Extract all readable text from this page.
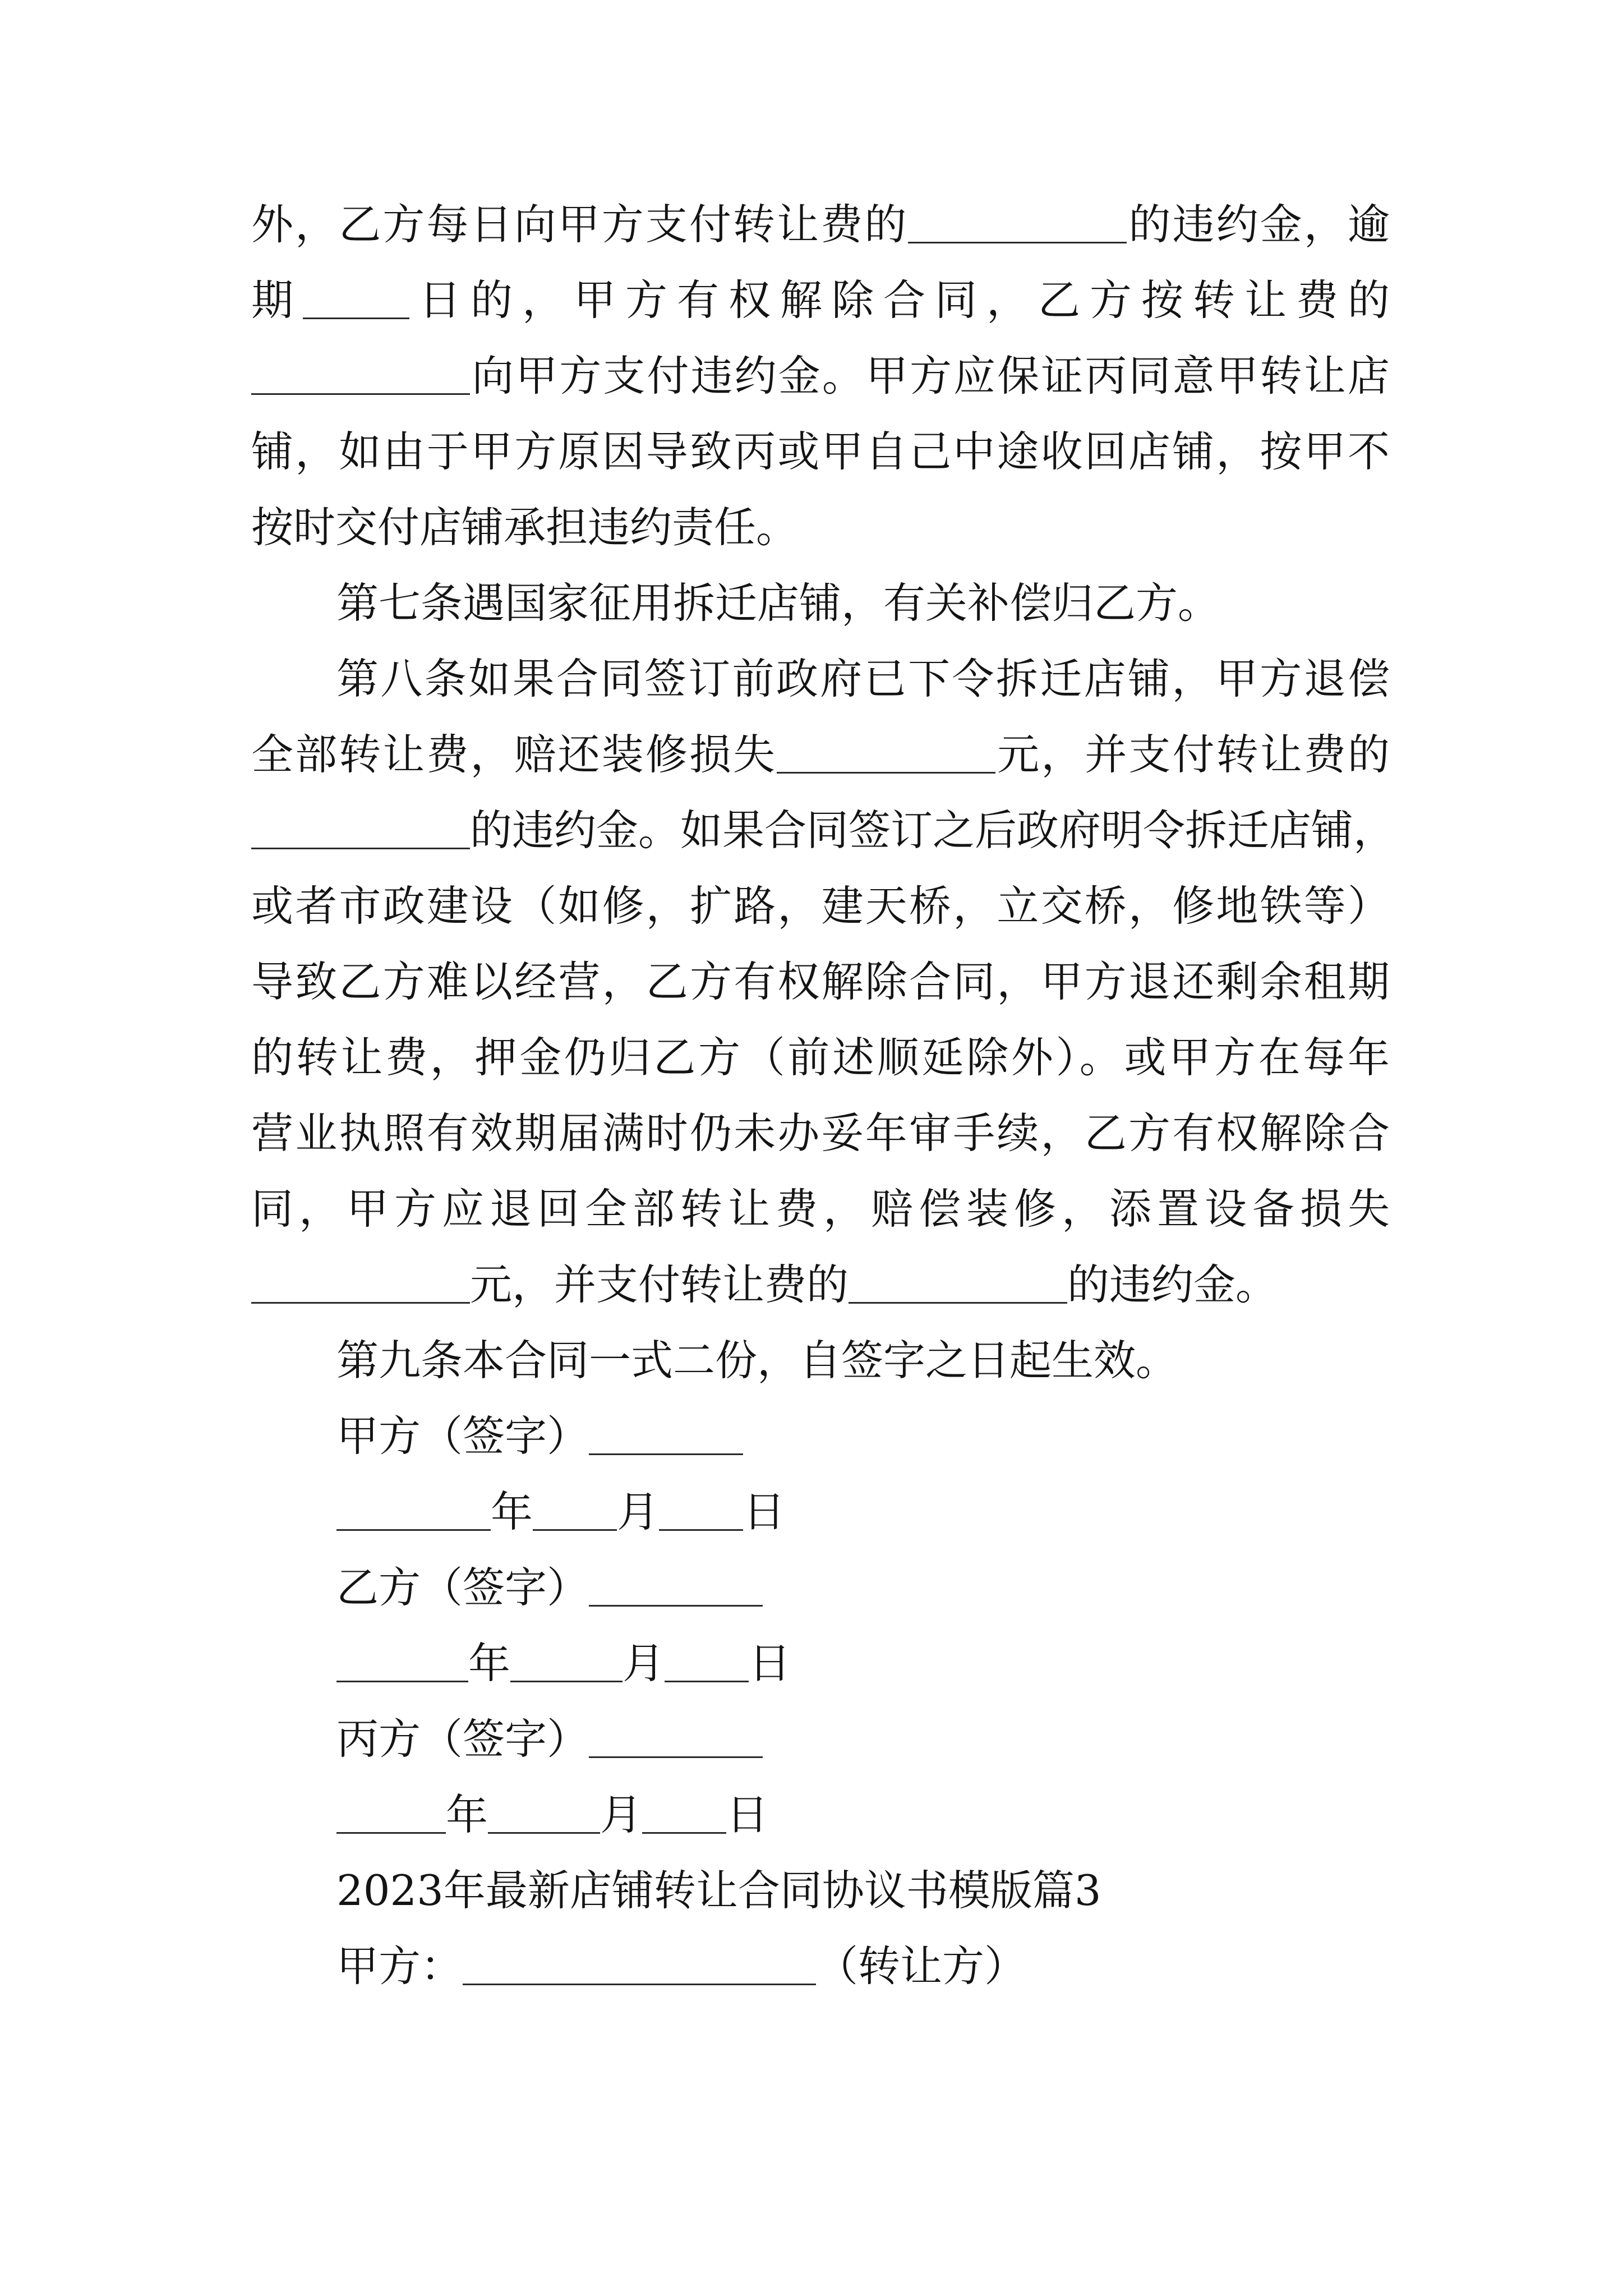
外，乙方每日向甲方支付转让费的	的违约金，逾
期	日的，甲方有权解除合同，乙方按转让费的
向甲方支付违约金。甲方应保证丙同意甲转让店
铺，如由于甲方原因导致丙或甲自己中途收回店铺，按甲不
按时交付店铺承担违约责任。
第七条遇国家征用拆迁店铺，有关补偿归乙方。
第八条如果合同签订前政府已下令拆迁店铺，甲方退偿
全部转让费，赔还装修损失	元，并支付转让费的
的违约金。如果合同签订之后政府明令拆迁店铺，
或者市政建设（如修，扩路，建天桥，立交桥，修地铁等）
导致乙方难以经营，乙方有权解除合同，甲方退还剩余租期
的转让费，押金仍归乙方（前述顺延除外）。或甲方在每年
营业执照有效期届满时仍未办妥年审手续，乙方有权解除合
同，甲方应退回全部转让费，赔偿装修，添置设备损失
元，并支付转让费的	的违约金。
第九条本合同一式二份，自签字之日起生效。
甲方（签字）
年 月 日
乙方（签字）
年	月 日
丙方（签字）
年	月 日
2023年最新店铺转让合同协议书模版篇3
甲方：	（转让方）
